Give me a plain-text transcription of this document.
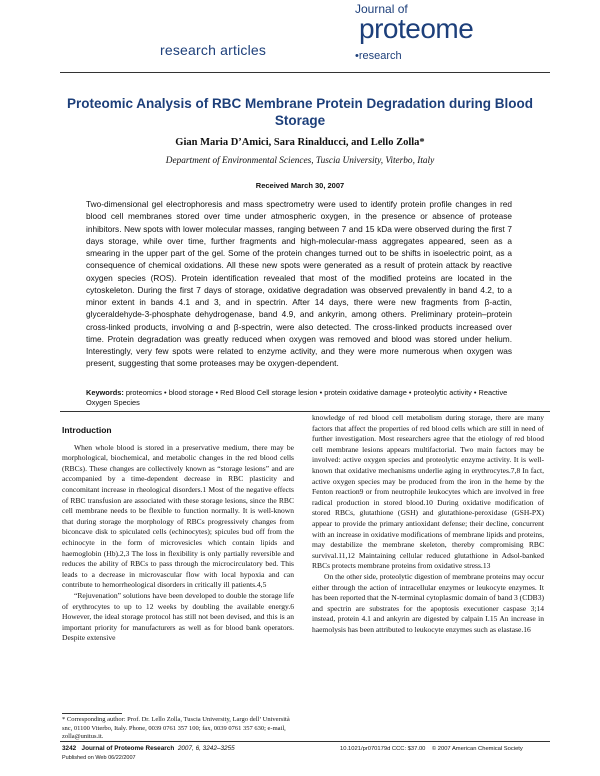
research articles
Journal of
proteome
•research
Proteomic Analysis of RBC Membrane Protein Degradation during Blood Storage
Gian Maria D’Amici, Sara Rinalducci, and Lello Zolla*
Department of Environmental Sciences, Tuscia University, Viterbo, Italy
Received March 30, 2007
Two-dimensional gel electrophoresis and mass spectrometry were used to identify protein profile changes in red blood cell membranes stored over time under atmospheric oxygen, in the presence or absence of protease inhibitors. New spots with lower molecular masses, ranging between 7 and 15 kDa were observed during the first 7 days storage, while over time, further fragments and high-molecular-mass aggregates appeared, seen as a smearing in the upper part of the gel. Some of the protein changes turned out to be shifts in isoelectric point, as a consequence of chemical oxidations. All these new spots were generated as a result of protein attack by reactive oxygen species (ROS). Protein identification revealed that most of the modified proteins are located in the cytoskeleton. During the first 7 days of storage, oxidative degradation was observed prevalently in band 4.2, to a minor extent in bands 4.1 and 3, and in spectrin. After 14 days, there were new fragments from β-actin, glyceraldehyde-3-phosphate dehydrogenase, band 4.9, and ankyrin, among others. Preliminary protein–protein cross-linked products, involving α and β-spectrin, were also detected. The cross-linked products increased over time. Protein degradation was greatly reduced when oxygen was removed and blood was stored under helium. Interestingly, very few spots were related to enzyme activity, and they were more numerous when oxygen was present, suggesting that some proteases may be oxygen-dependent.
Keywords: proteomics • blood storage • Red Blood Cell storage lesion • protein oxidative damage • proteolytic activity • Reactive Oxygen Species
Introduction

When whole blood is stored in a preservative medium, there may be morphological, biochemical, and metabolic changes in the red blood cells (RBCs). These changes are collectively known as “storage lesions” and are accompanied by a time-dependent decrease in RBC plasticity and concomitant increase in rheological disorders.1 Most of the negative effects of RBC transfusion are associated with these storage lesions, since the RBC cell membrane needs to be flexible to function normally. It is well-known that during storage the morphology of RBCs progressively changes from biconcave disk to spiculated cells (echinocytes); spicules bud off from the echinocyte in the form of microvesicles which contain lipids and haemoglobin (Hb).2,3 The loss in flexibility is only partially reversible and reduces the ability of RBCs to pass through the microcirculatory bed. This leads to a decrease in microvascular flow with local hypoxia and can contribute to hemorrheological disorders in critically ill patients.4,5

“Rejuvenation” solutions have been developed to double the storage life of erythrocytes to up to 12 weeks by doubling the available energy.6 However, the ideal storage protocol has still not been devised, and this is an important priority for manufacturers as well as for blood bank operators. Despite extensive

knowledge of red blood cell metabolism during storage, there are many factors that affect the properties of red blood cells which are still in need of further investigation. Most researchers agree that the etiology of red blood cell membrane lesions appears multifactorial. Two main factors may be involved: active oxygen species and proteolytic enzyme activity. It is well-known that oxidative mechanisms underlie aging in erythrocytes.7,8 In fact, active oxygen species may be produced from the iron in the heme by the Fenton reaction9 or from neutrophile leukocytes which are involved in free radical production in stored blood.10 During oxidative modification of stored RBCs, glutathione (GSH) and glutathione-peroxidase (GSH-PX) appear to provide the primary antioxidant defense; their decline, concurrent with an increase in oxidative modifications of membrane lipids and proteins, may destabilize the membrane skeleton, thereby compromising RBC survival.11,12 Maintaining cellular reduced glutathione in Adsol-banked RBCs protects membrane proteins from oxidative stress.13

On the other side, proteolytic digestion of membrane proteins may occur either through the action of intracellular enzymes or leukocyte enzymes. It has been reported that the N-terminal cytoplasmic domain of band 3 (CDB3) and spectrin are substrates for the apoptosis executioner caspase 3;14 instead, protein 4.1 and ankyrin are digested by calpain I.15 An increase in haemolysis has been attributed to leukocyte enzymes such as elastase.16

* Corresponding author: Prof. Dr. Lello Zolla, Tuscia University, Largo dell’ Università snc, 01100 Viterbo, Italy. Phone, 0039 0761 357 100; fax, 0039 0761 357 630; e-mail, zolla@unitus.it.
3242 Journal of Proteome Research 2007, 6, 3242–3255
Published on Web 06/22/2007
10.1021/pr070179d CCC: $37.00 © 2007 American Chemical Society
